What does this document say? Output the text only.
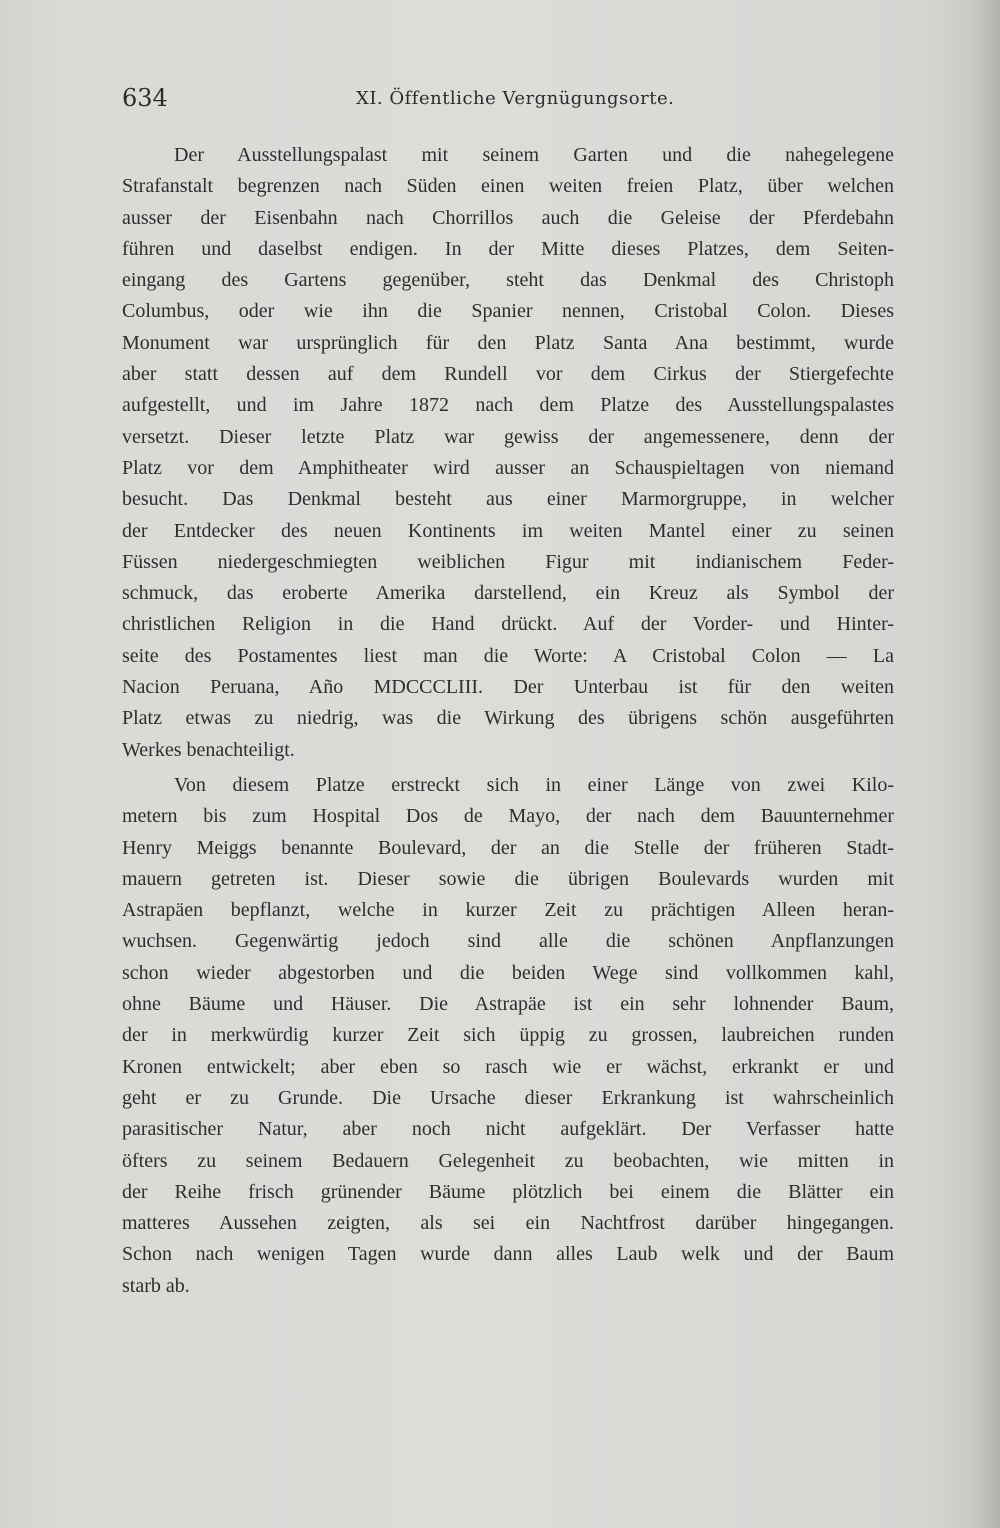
634	XI. Öffentliche Vergnügungsorte.
Der Ausstellungspalast mit seinem Garten und die nahegelegene
Strafanstalt begrenzen nach Süden einen weiten freien Platz, über welchen
ausser der Eisenbahn nach Chorrillos auch die Geleise der Pferdebahn
führen und daselbst endigen. In der Mitte dieses Platzes, dem Seiten-
eingang des Gartens gegenüber, steht das Denkmal des Christoph
Columbus, oder wie ihn die Spanier nennen, Cristobal Colon. Dieses
Monument war ursprünglich für den Platz Santa Ana bestimmt, wurde
aber statt dessen auf dem Rundell vor dem Cirkus der Stiergefechte
aufgestellt, und im Jahre 1872 nach dem Platze des Ausstellungspalastes
versetzt. Dieser letzte Platz war gewiss der angemessenere, denn der
Platz vor dem Amphitheater wird ausser an Schauspieltagen von niemand
besucht. Das Denkmal besteht aus einer Marmorgruppe, in welcher
der Entdecker des neuen Kontinents im weiten Mantel einer zu seinen
Füssen niedergeschmiegten weiblichen Figur mit indianischem Feder-
schmuck, das eroberte Amerika darstellend, ein Kreuz als Symbol der
christlichen Religion in die Hand drückt. Auf der Vorder- und Hinter-
seite des Postamentes liest man die Worte: A Cristobal Colon — La
Nacion Peruana, Año MDCCCLIII. Der Unterbau ist für den weiten
Platz etwas zu niedrig, was die Wirkung des übrigens schön ausgeführten
Werkes benachteiligt.
Von diesem Platze erstreckt sich in einer Länge von zwei Kilo-
metern bis zum Hospital Dos de Mayo, der nach dem Bauunternehmer
Henry Meiggs benannte Boulevard, der an die Stelle der früheren Stadt-
mauern getreten ist. Dieser sowie die übrigen Boulevards wurden mit
Astrapäen bepflanzt, welche in kurzer Zeit zu prächtigen Alleen heran-
wuchsen. Gegenwärtig jedoch sind alle die schönen Anpflanzungen
schon wieder abgestorben und die beiden Wege sind vollkommen kahl,
ohne Bäume und Häuser. Die Astrapäe ist ein sehr lohnender Baum,
der in merkwürdig kurzer Zeit sich üppig zu grossen, laubreichen runden
Kronen entwickelt; aber eben so rasch wie er wächst, erkrankt er und
geht er zu Grunde. Die Ursache dieser Erkrankung ist wahrscheinlich
parasitischer Natur, aber noch nicht aufgeklärt. Der Verfasser hatte
öfters zu seinem Bedauern Gelegenheit zu beobachten, wie mitten in
der Reihe frisch grünender Bäume plötzlich bei einem die Blätter ein
matteres Aussehen zeigten, als sei ein Nachtfrost darüber hingegangen.
Schon nach wenigen Tagen wurde dann alles Laub welk und der Baum
starb ab.
